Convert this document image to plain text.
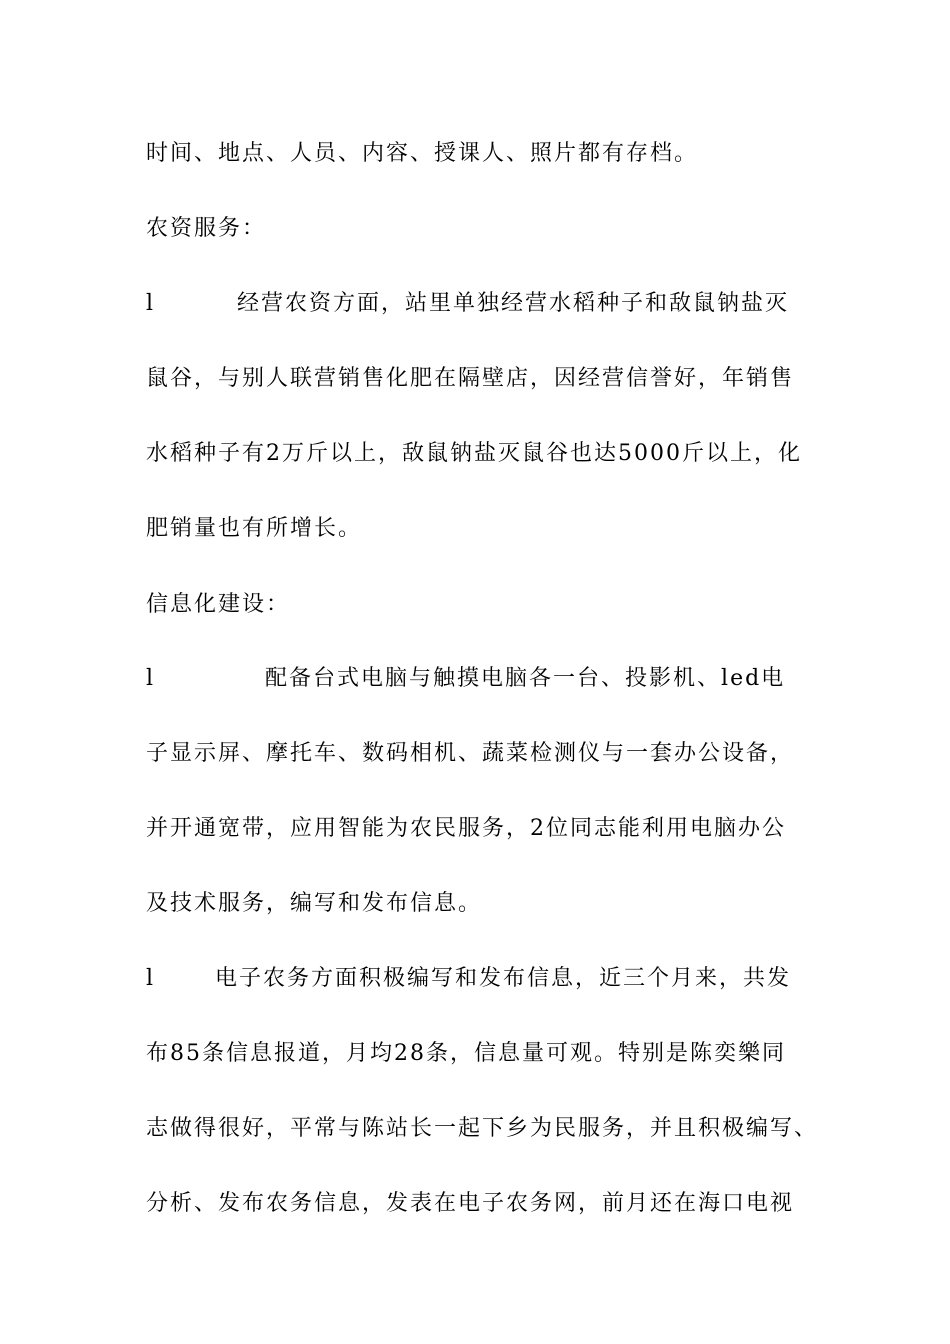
时间、地点、人员、内容、授课人、照片都有存档。
农资服务：
l	经营农资方面，站里单独经营水稻种子和敌鼠钠盐灭
鼠谷，与别人联营销售化肥在隔壁店，因经营信誉好，年销售
水稻种子有2万斤以上，敌鼠钠盐灭鼠谷也达5000斤以上，化
肥销量也有所增长。
信息化建设：
l	配备台式电脑与触摸电脑各一台、投影机、led电
子显示屏、摩托车、数码相机、蔬菜检测仪与一套办公设备，
并开通宽带，应用智能为农民服务，2位同志能利用电脑办公
及技术服务，编写和发布信息。
l	电子农务方面积极编写和发布信息，近三个月来，共发
布85条信息报道，月均28条，信息量可观。特别是陈奕樂同
志做得很好，平常与陈站长一起下乡为民服务，并且积极编写、
分析、发布农务信息，发表在电子农务网，前月还在海口电视
